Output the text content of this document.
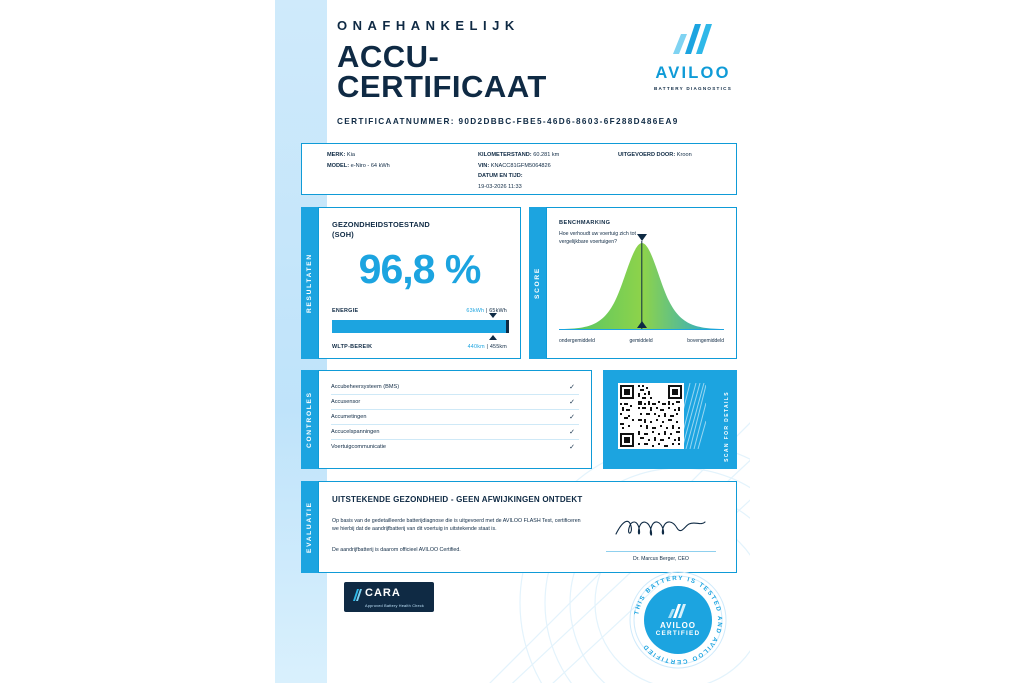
ONAFHANKELIJK
ACCU-
CERTIFICAAT
CERTIFICAATNUMMER: 90D2DBBC-FBE5-46D6-8603-6F288D486EA9
AVILOO
BATTERY DIAGNOSTICS
MERK: Kia
MODEL: e-Niro - 64 kWh
KILOMETERSTAND: 60.281 km
VIN: KNACC81GFM5064826
DATUM EN TIJD:
19-03-2026 11:33
UITGEVOERD DOOR: Kroon
RESULTATEN
GEZONDHEIDSTOESTAND
(SOH)
96,8 %
ENERGIE	63kWh | 65kWh
WLTP-BEREIK	440km | 455km
SCORE
BENCHMARKING
Hoe verhoudt uw voertuig zich tot vergelijkbare voertuigen?
ondergemiddeld	gemiddeld	bovengemiddeld
CONTROLES
Accubeheersysteem (BMS)	✓
Accusensor	✓
Accumetingen	✓
Accucelspanningen	✓
Voertuigcommunicatie	✓	SCAN FOR DETAILS
EVALUATIE
UITSTEKENDE GEZONDHEID - GEEN AFWIJKINGEN ONTDEKT
Op basis van de gedetailleerde batterijdiagnose die is uitgevoerd met de AVILOO FLASH Test, certificeren we hierbij dat de aandrijfbatterij van dit voertuig in uitstekende staat is.
De aandrijfbatterij is daarom officieel AVILOO Certified.
Dr. Marcus Berger, CEO
CARA
Approved Battery Health Check
THIS BATTERY IS TESTED AND AVILOO CERTIFIED
AVILOO
CERTIFIED
